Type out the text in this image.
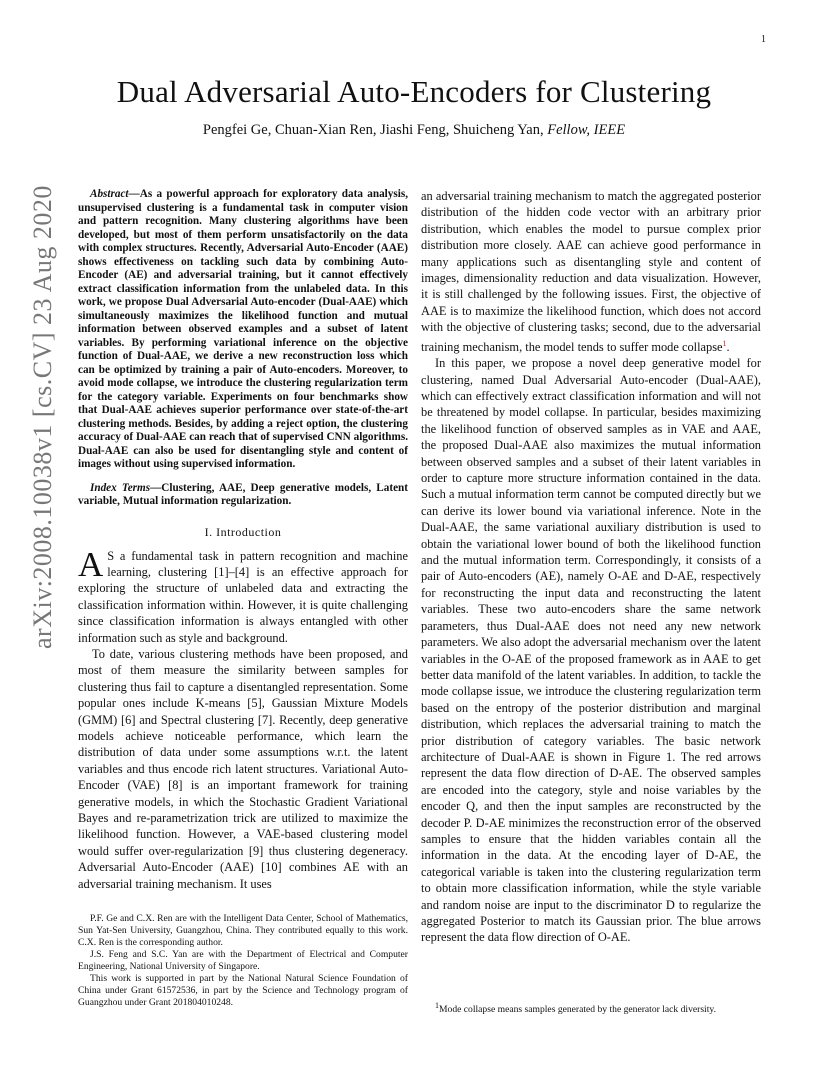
1
arXiv:2008.10038v1 [cs.CV] 23 Aug 2020
Dual Adversarial Auto-Encoders for Clustering
Pengfei Ge, Chuan-Xian Ren, Jiashi Feng, Shuicheng Yan, Fellow, IEEE

Abstract—As a powerful approach for exploratory data analysis, unsupervised clustering is a fundamental task in computer vision and pattern recognition. Many clustering algorithms have been developed, but most of them perform unsatisfactorily on the data with complex structures. Recently, Adversarial Auto-Encoder (AAE) shows effectiveness on tackling such data by combining Auto-Encoder (AE) and adversarial training, but it cannot effectively extract classification information from the unlabeled data. In this work, we propose Dual Adversarial Auto-encoder (Dual-AAE) which simultaneously maximizes the likelihood function and mutual information between observed examples and a subset of latent variables. By performing variational inference on the objective function of Dual-AAE, we derive a new reconstruction loss which can be optimized by training a pair of Auto-encoders. Moreover, to avoid mode collapse, we introduce the clustering regularization term for the category variable. Experiments on four benchmarks show that Dual-AAE achieves superior performance over state-of-the-art clustering methods. Besides, by adding a reject option, the clustering accuracy of Dual-AAE can reach that of supervised CNN algorithms. Dual-AAE can also be used for disentangling style and content of images without using supervised information.

Index Terms—Clustering, AAE, Deep generative models, Latent variable, Mutual information regularization.

I. Introduction

A S a fundamental task in pattern recognition and machine learning, clustering [1]–[4] is an effective approach for exploring the structure of unlabeled data and extracting the classification information within. However, it is quite challenging since classification information is always entangled with other information such as style and background.

To date, various clustering methods have been proposed, and most of them measure the similarity between samples for clustering thus fail to capture a disentangled representation. Some popular ones include K-means [5], Gaussian Mixture Models (GMM) [6] and Spectral clustering [7]. Recently, deep generative models achieve noticeable performance, which learn the distribution of data under some assumptions w.r.t. the latent variables and thus encode rich latent structures. Variational Auto-Encoder (VAE) [8] is an important framework for training generative models, in which the Stochastic Gradient Variational Bayes and re-parametrization trick are utilized to maximize the likelihood function. However, a VAE-based clustering model would suffer over-regularization [9] thus clustering degeneracy. Adversarial Auto-Encoder (AAE) [10] combines AE with an adversarial training mechanism. It uses

P.F. Ge and C.X. Ren are with the Intelligent Data Center, School of Mathematics, Sun Yat-Sen University, Guangzhou, China. They contributed equally to this work. C.X. Ren is the corresponding author.

J.S. Feng and S.C. Yan are with the Department of Electrical and Computer Engineering, National University of Singapore.

This work is supported in part by the National Natural Science Foundation of China under Grant 61572536, in part by the Science and Technology program of Guangzhou under Grant 201804010248.

an adversarial training mechanism to match the aggregated posterior distribution of the hidden code vector with an arbitrary prior distribution, which enables the model to pursue complex prior distribution more closely. AAE can achieve good performance in many applications such as disentangling style and content of images, dimensionality reduction and data visualization. However, it is still challenged by the following issues. First, the objective of AAE is to maximize the likelihood function, which does not accord with the objective of clustering tasks; second, due to the adversarial training mechanism, the model tends to suffer mode collapse$^1$.

In this paper, we propose a novel deep generative model for clustering, named Dual Adversarial Auto-encoder (Dual-AAE), which can effectively extract classification information and will not be threatened by model collapse. In particular, besides maximizing the likelihood function of observed samples as in VAE and AAE, the proposed Dual-AAE also maximizes the mutual information between observed samples and a subset of their latent variables in order to capture more structure information contained in the data. Such a mutual information term cannot be computed directly but we can derive its lower bound via variational inference. Note in the Dual-AAE, the same variational auxiliary distribution is used to obtain the variational lower bound of both the likelihood function and the mutual information term. Correspondingly, it consists of a pair of Auto-encoders (AE), namely O-AE and D-AE, respectively for reconstructing the input data and reconstructing the latent variables. These two auto-encoders share the same network parameters, thus Dual-AAE does not need any new network parameters. We also adopt the adversarial mechanism over the latent variables in the O-AE of the proposed framework as in AAE to get better data manifold of the latent variables. In addition, to tackle the mode collapse issue, we introduce the clustering regularization term based on the entropy of the posterior distribution and marginal distribution, which replaces the adversarial training to match the prior distribution of category variables. The basic network architecture of Dual-AAE is shown in Figure 1. The red arrows represent the data flow direction of D-AE. The observed samples are encoded into the category, style and noise variables by the encoder Q, and then the input samples are reconstructed by the decoder P. D-AE minimizes the reconstruction error of the observed samples to ensure that the hidden variables contain all the information in the data. At the encoding layer of D-AE, the categorical variable is taken into the clustering regularization term to obtain more classification information, while the style variable and random noise are input to the discriminator D to regularize the aggregated Posterior to match its Gaussian prior. The blue arrows represent the data flow direction of O-AE.

$^1$Mode collapse means samples generated by the generator lack diversity.
